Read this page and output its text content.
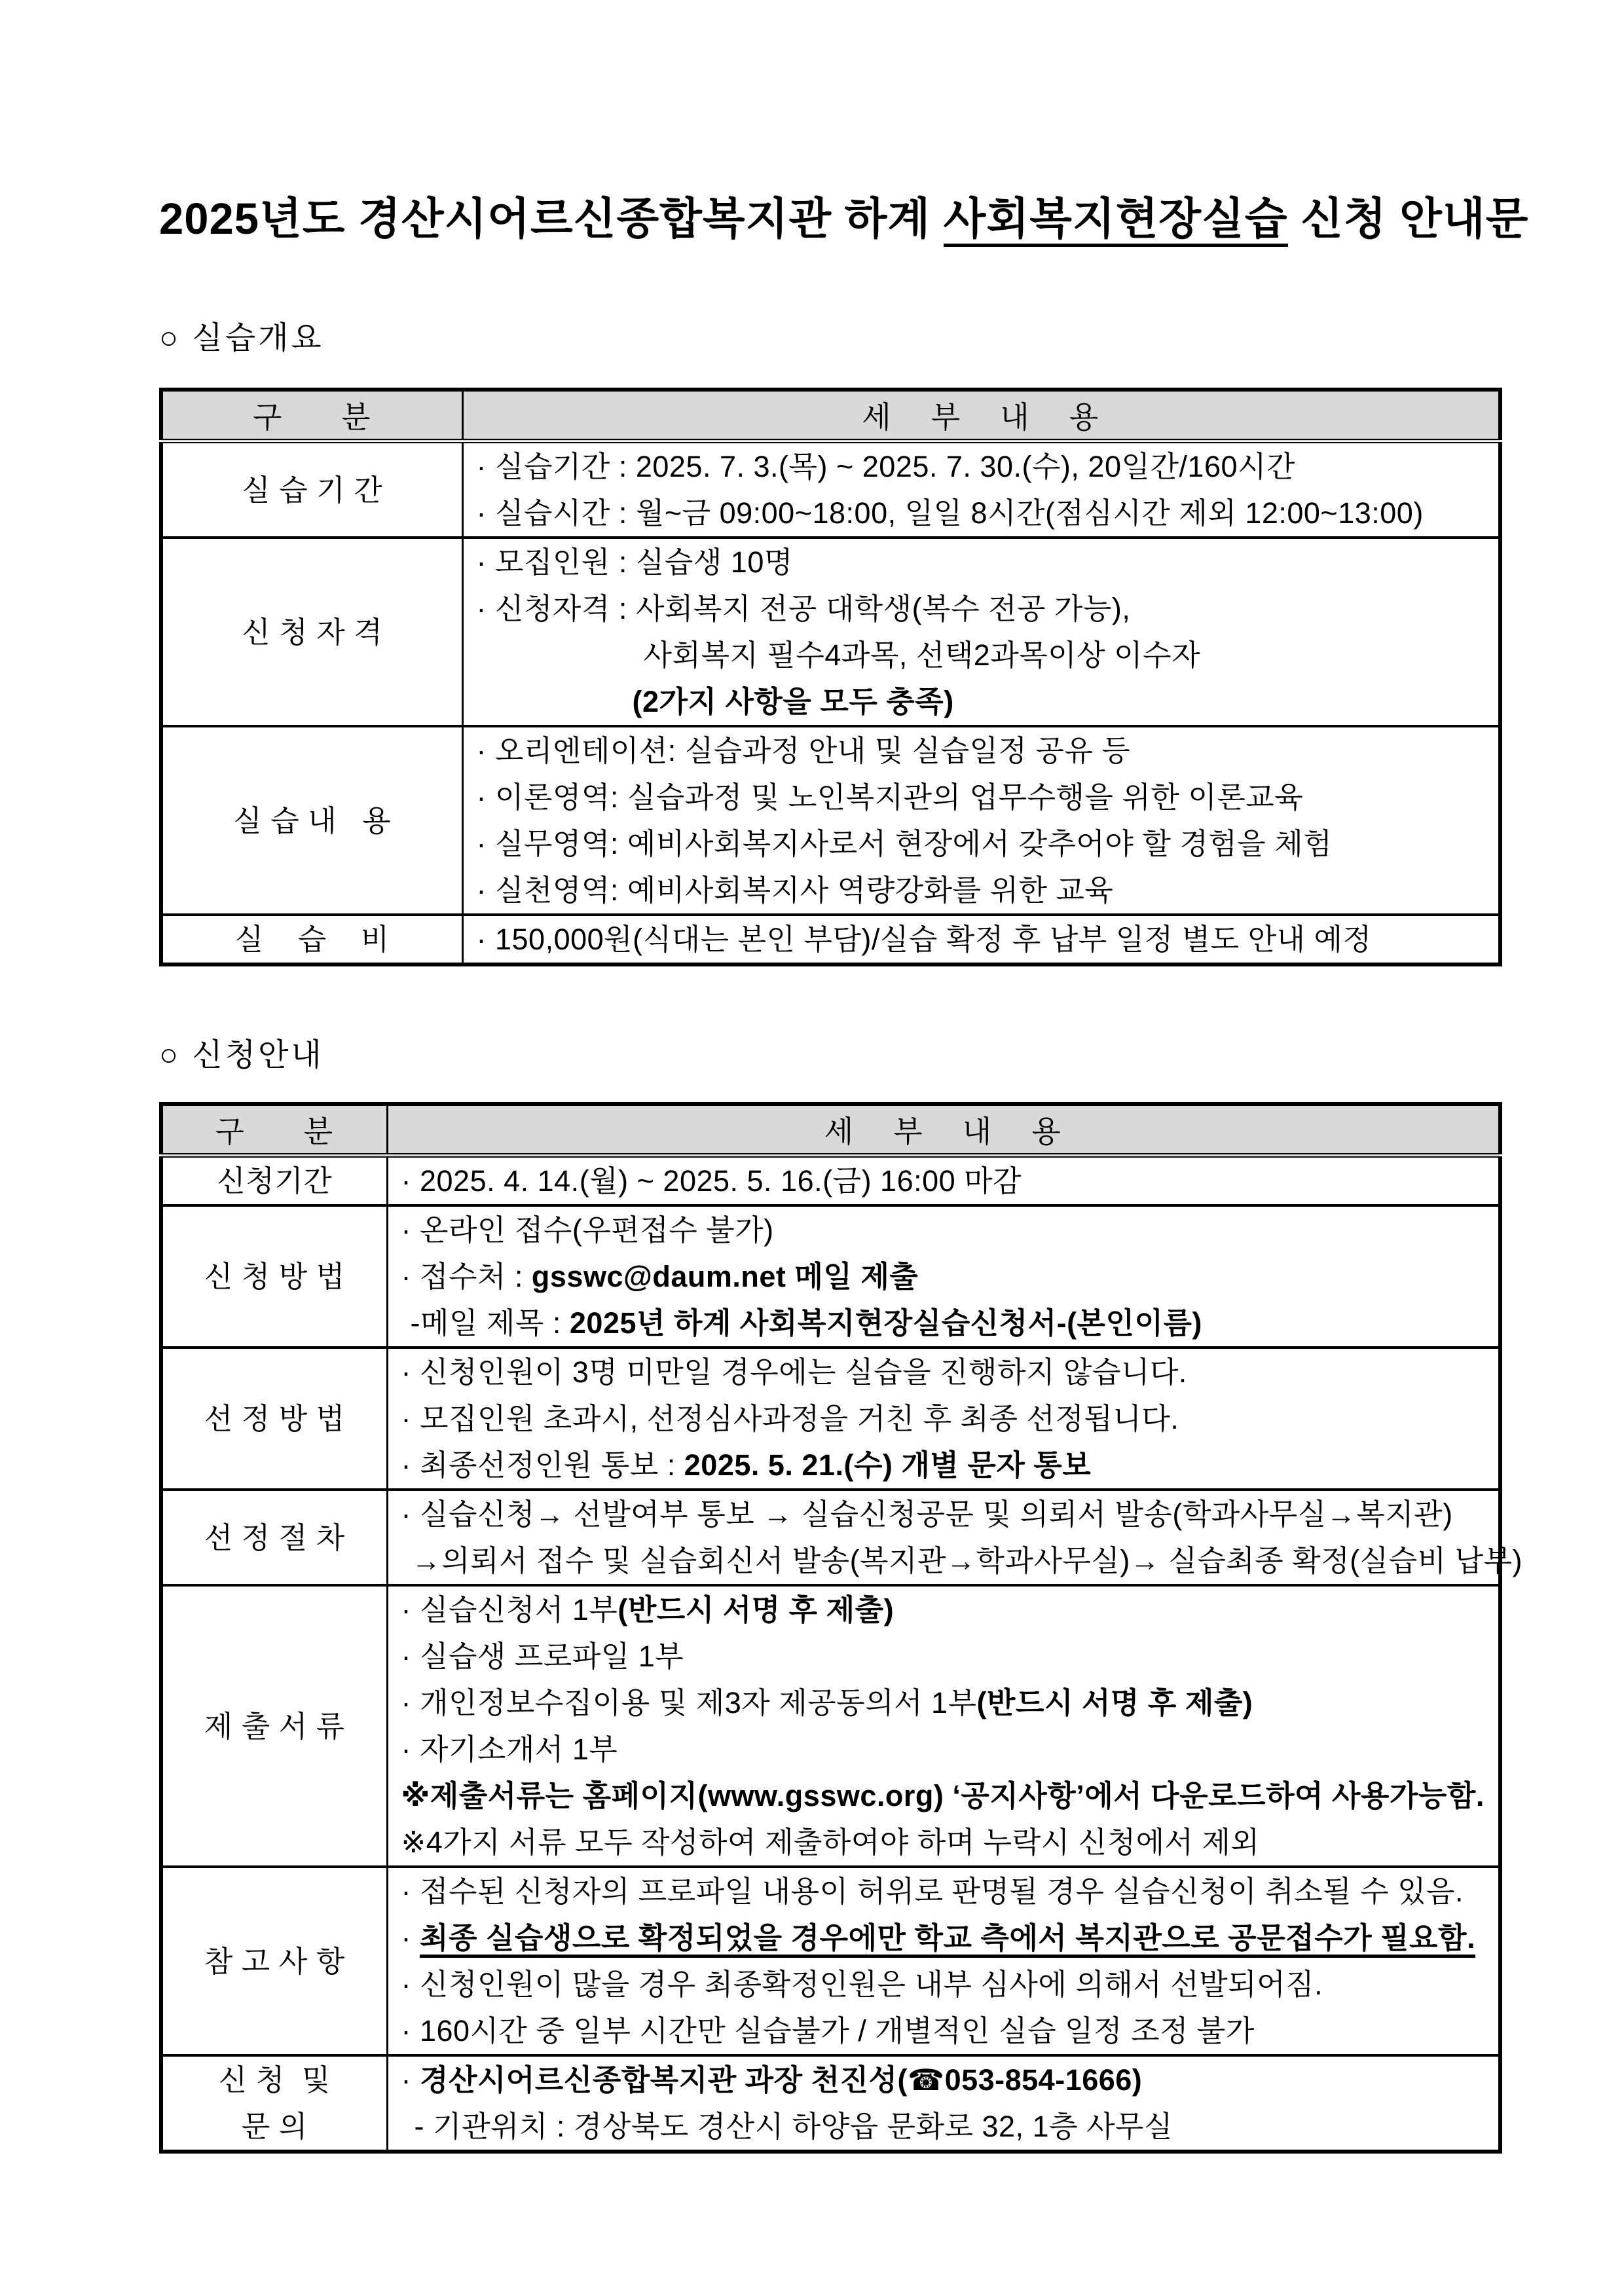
2025년도 경산시어르신종합복지관 하계 사회복지현장실습 신청 안내문
○ 실습개요
구      분	세    부    내    용

실 습 기 간	· 실습기간 : 2025. 7. 3.(목) ~ 2025. 7. 30.(수), 20일간/160시간
· 실습시간 : 월~금 09:00~18:00, 일일 8시간(점심시간 제외 12:00~13:00)

신 청 자 격	· 모집인원 : 실습생 10명
· 신청자격 : 사회복지 전공 대학생(복수 전공 가능),
사회복지 필수4과목, 선택2과목이상 이수자
(2가지 사항을 모두 충족)

실 습 내   용	· 오리엔테이션: 실습과정 안내 및 실습일정 공유 등
· 이론영역: 실습과정 및 노인복지관의 업무수행을 위한 이론교육
· 실무영역: 예비사회복지사로서 현장에서 갖추어야 할 경험을 체험
· 실천영역: 예비사회복지사 역량강화를 위한 교육

실    습    비	· 150,000원(식대는 본인 부담)/실습 확정 후 납부 일정 별도 안내 예정
○ 신청안내
구      분	세    부    내    용

신청기간	· 2025. 4. 14.(월) ~ 2025. 5. 16.(금) 16:00 마감

신 청 방 법	· 온라인 접수(우편접수 불가)
· 접수처 : gsswc@daum.net 메일 제출
-메일 제목 : 2025년 하계 사회복지현장실습신청서-(본인이름)

선 정 방 법	· 신청인원이 3명 미만일 경우에는 실습을 진행하지 않습니다.
· 모집인원 초과시, 선정심사과정을 거친 후 최종 선정됩니다.
· 최종선정인원 통보 : 2025. 5. 21.(수) 개별 문자 통보

선 정 절 차	· 실습신청→ 선발여부 통보 → 실습신청공문 및 의뢰서 발송(학과사무실→복지관)
→의뢰서 접수 및 실습회신서 발송(복지관→학과사무실)→ 실습최종 확정(실습비 납부)

제 출 서 류

· 실습신청서 1부(반드시 서명 후 제출)
· 실습생 프로파일 1부
· 개인정보수집이용 및 제3자 제공동의서 1부(반드시 서명 후 제출)
· 자기소개서 1부
※제출서류는 홈페이지(www.gsswc.org) ‘공지사항’에서 다운로드하여 사용가능함.
※4가지 서류 모두 작성하여 제출하여야 하며 누락시 신청에서 제외

참 고 사 항	· 접수된 신청자의 프로파일 내용이 허위로 판명될 경우 실습신청이 취소될 수 있음.
· 최종 실습생으로 확정되었을 경우에만 학교 측에서 복지관으로 공문접수가 필요함.
· 신청인원이 많을 경우 최종확정인원은 내부 심사에 의해서 선발되어짐.
· 160시간 중 일부 시간만 실습불가 / 개별적인 실습 일정 조정 불가

신 청  및
문 의

· 경산시어르신종합복지관 과장 천진성(☎053-854-1666)
- 기관위치 : 경상북도 경산시 하양읍 문화로 32, 1층 사무실
